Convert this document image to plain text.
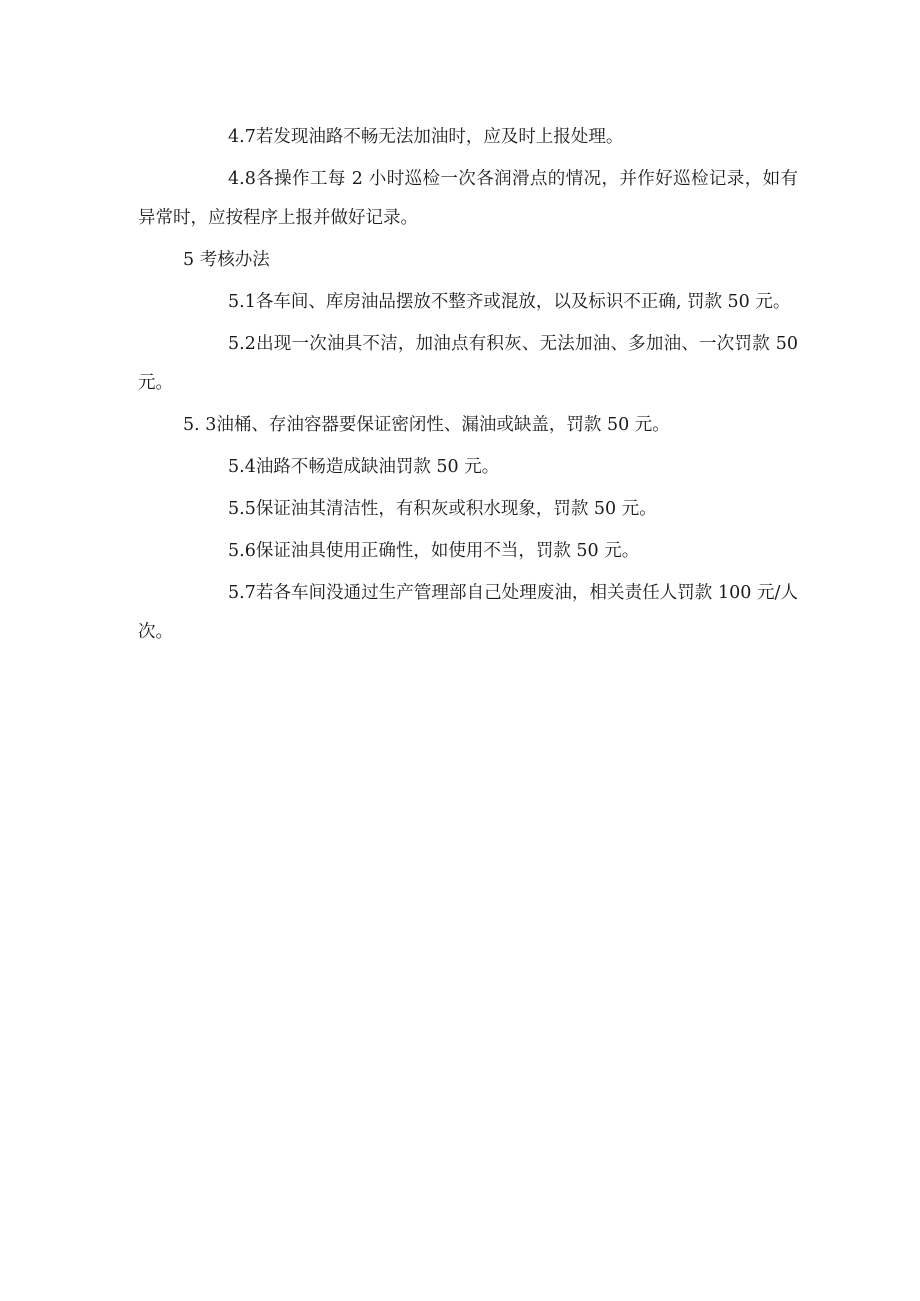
4.7若发现油路不畅无法加油时，应及时上报处理。

4.8各操作工每 2 小时巡检一次各润滑点的情况，并作好巡检记录，如有异常时，应按程序上报并做好记录。

5 考核办法

5.1各车间、库房油品摆放不整齐或混放，以及标识不正确, 罚款 50 元。

5.2出现一次油具不洁，加油点有积灰、无法加油、多加油、一次罚款 50 元。

5. 3油桶、存油容器要保证密闭性、漏油或缺盖，罚款 50 元。

5.4油路不畅造成缺油罚款 50 元。

5.5保证油其清洁性，有积灰或积水现象，罚款 50 元。

5.6保证油具使用正确性，如使用不当，罚款 50 元。

5.7若各车间没通过生产管理部自己处理废油，相关责任人罚款 100 元/人次。
